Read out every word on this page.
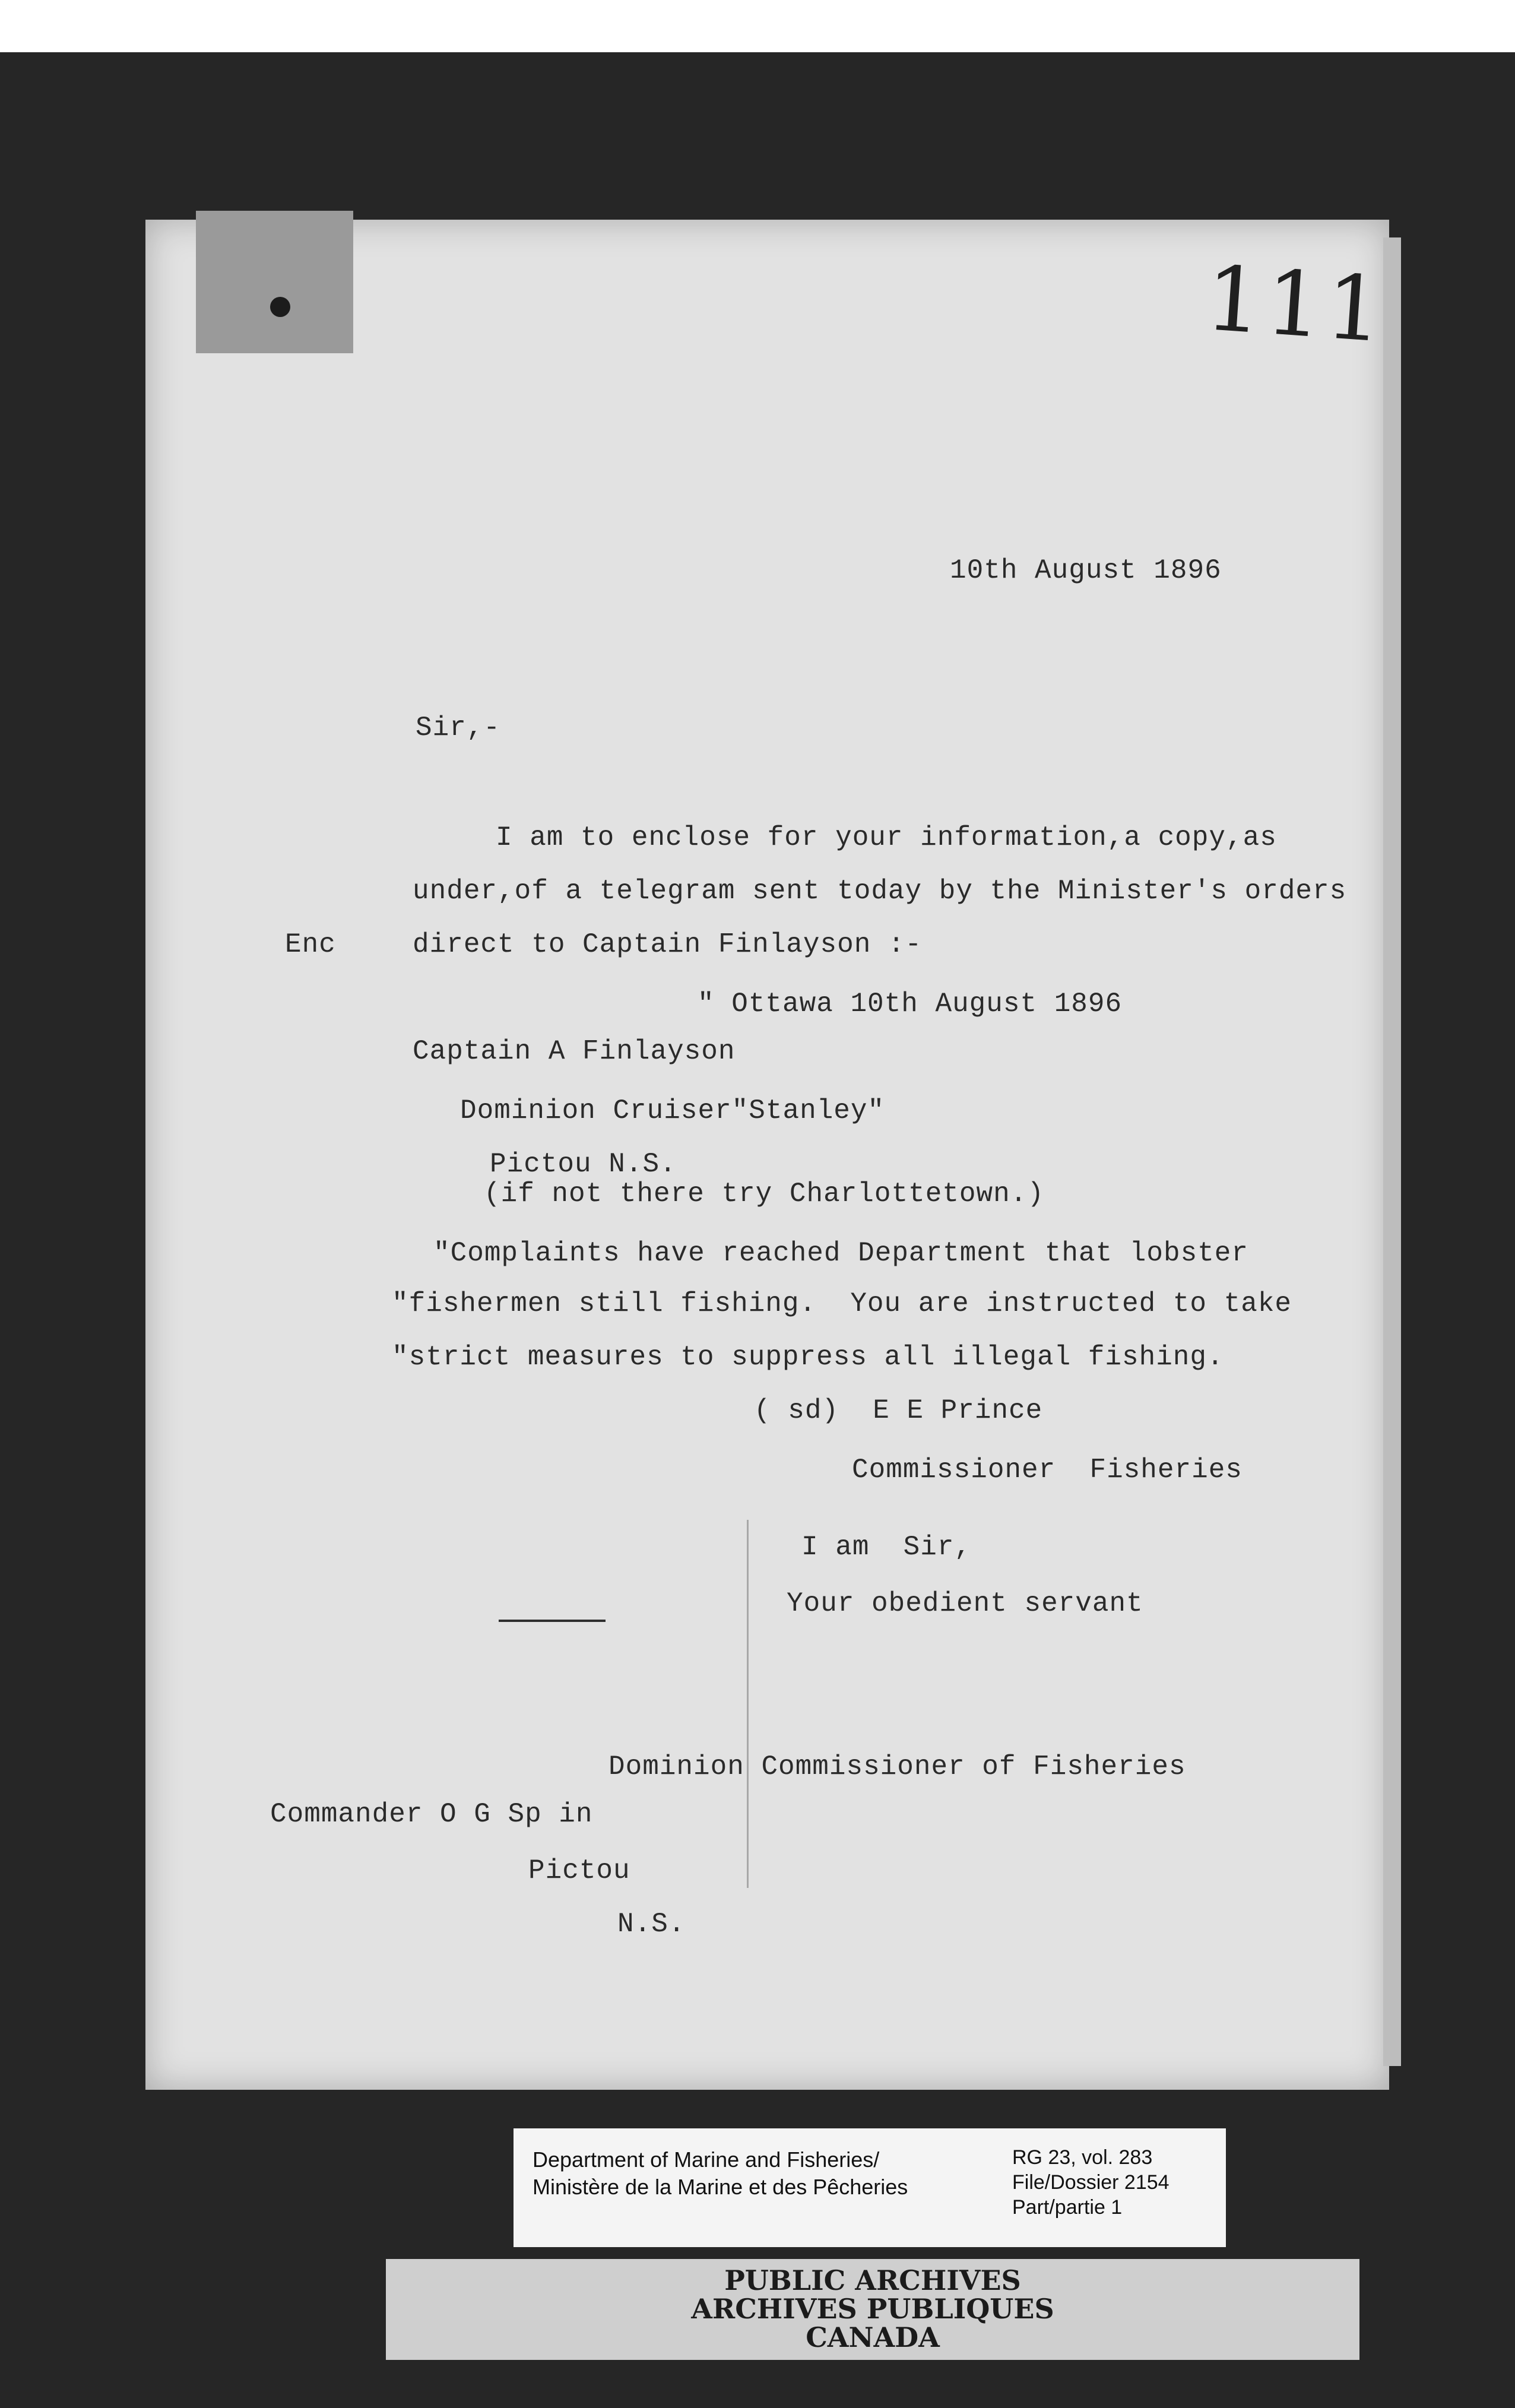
10th August 1896
Sir,-
I am to enclose for your information,a copy,as
under,of a telegram sent today by the Minister's orders
Enc	direct to Captain Finlayson :-
" Ottawa 10th August 1896
Captain A Finlayson
Dominion Cruiser"Stanley"
Pictou N.S.
(if not there try Charlottetown.)
"Complaints have reached Department that lobster
"fishermen still fishing.  You are instructed to take
"strict measures to suppress all illegal fishing.
( sd)  E E Prince
Commissioner  Fisheries
I am  Sir,
Your obedient servant
Dominion Commissioner of Fisheries
Commander O G Sp in
Pictou
N.S.
Department of Marine and Fisheries/
Ministère de la Marine et des Pêcheries
RG 23, vol. 283
File/Dossier 2154
Part/partie 1
PUBLIC ARCHIVES
ARCHIVES PUBLIQUES
CANADA
